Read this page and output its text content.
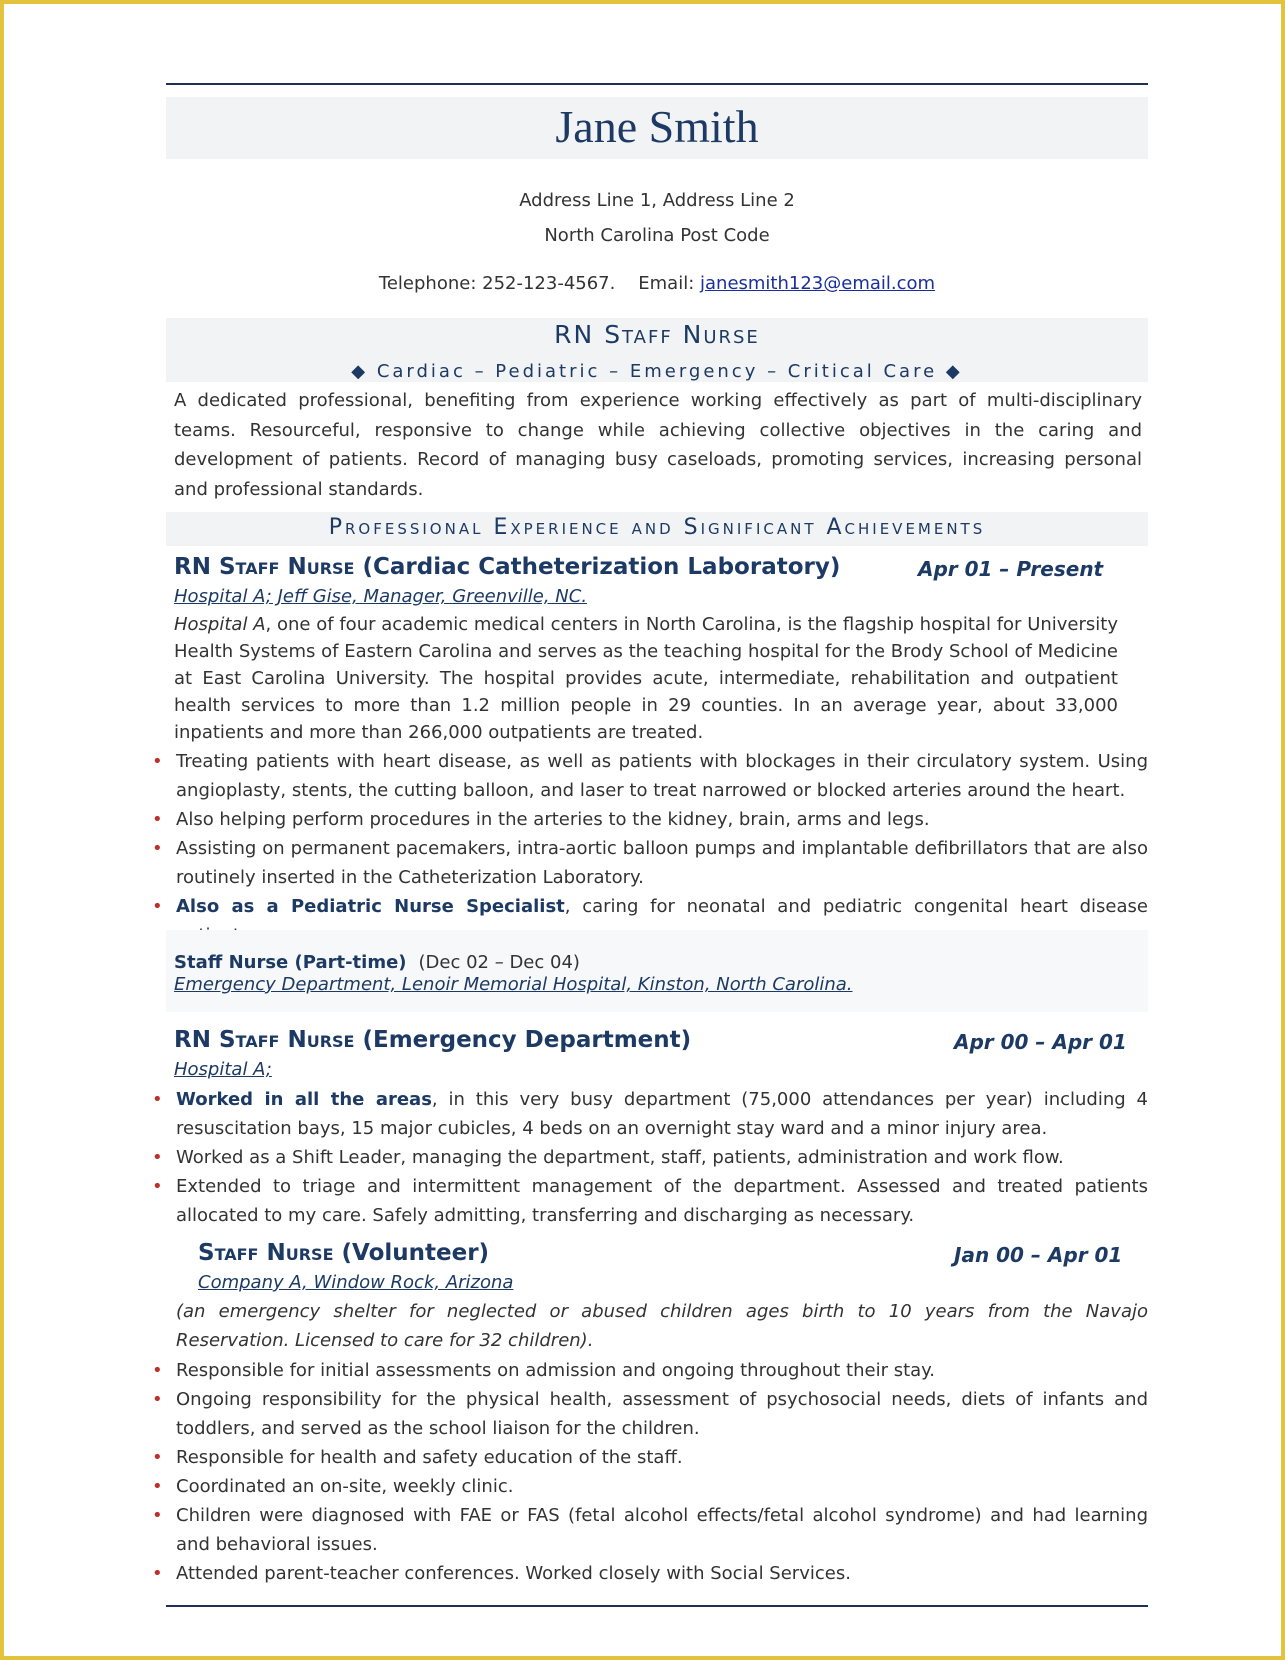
Jane Smith
Address Line 1, Address Line 2
North Carolina Post Code
Telephone: 252-123-4567. Email: janesmith123@email.com
RN Staff Nurse
◆ Cardiac – Pediatric – Emergency – Critical Care ◆
A dedicated professional, benefiting from experience working effectively as part of multi-disciplinary teams. Resourceful, responsive to change while achieving collective objectives in the caring and development of patients. Record of managing busy caseloads, promoting services, increasing personal and professional standards.
Professional Experience and Significant Achievements
RN Staff Nurse (Cardiac Catheterization Laboratory)	Apr 01 – Present
Hospital A; Jeff Gise, Manager, Greenville, NC.
Hospital A, one of four academic medical centers in North Carolina, is the flagship hospital for University Health Systems of Eastern Carolina and serves as the teaching hospital for the Brody School of Medicine at East Carolina University. The hospital provides acute, intermediate, rehabilitation and outpatient health services to more than 1.2 million people in 29 counties. In an average year, about 33,000 inpatients and more than 266,000 outpatients are treated.
• Treating patients with heart disease, as well as patients with blockages in their circulatory system. Using angioplasty, stents, the cutting balloon, and laser to treat narrowed or blocked arteries around the heart.
• Also helping perform procedures in the arteries to the kidney, brain, arms and legs.
• Assisting on permanent pacemakers, intra-aortic balloon pumps and implantable defibrillators that are also routinely inserted in the Catheterization Laboratory.
• Also as a Pediatric Nurse Specialist, caring for neonatal and pediatric congenital heart disease
Staff Nurse (Part-time) (Dec 02 – Dec 04)
Emergency Department, Lenoir Memorial Hospital, Kinston, North Carolina.
RN Staff Nurse (Emergency Department)	Apr 00 – Apr 01
Hospital A;
• Worked in all the areas, in this very busy department (75,000 attendances per year) including 4 resuscitation bays, 15 major cubicles, 4 beds on an overnight stay ward and a minor injury area.
• Worked as a Shift Leader, managing the department, staff, patients, administration and work flow.
• Extended to triage and intermittent management of the department. Assessed and treated patients allocated to my care. Safely admitting, transferring and discharging as necessary.
Staff Nurse (Volunteer)	Jan 00 – Apr 01
Company A, Window Rock, Arizona
(an emergency shelter for neglected or abused children ages birth to 10 years from the Navajo Reservation. Licensed to care for 32 children).
• Responsible for initial assessments on admission and ongoing throughout their stay.
• Ongoing responsibility for the physical health, assessment of psychosocial needs, diets of infants and toddlers, and served as the school liaison for the children.
• Responsible for health and safety education of the staff.
• Coordinated an on-site, weekly clinic.
• Children were diagnosed with FAE or FAS (fetal alcohol effects/fetal alcohol syndrome) and had learning and behavioral issues.
• Attended parent-teacher conferences. Worked closely with Social Services.
